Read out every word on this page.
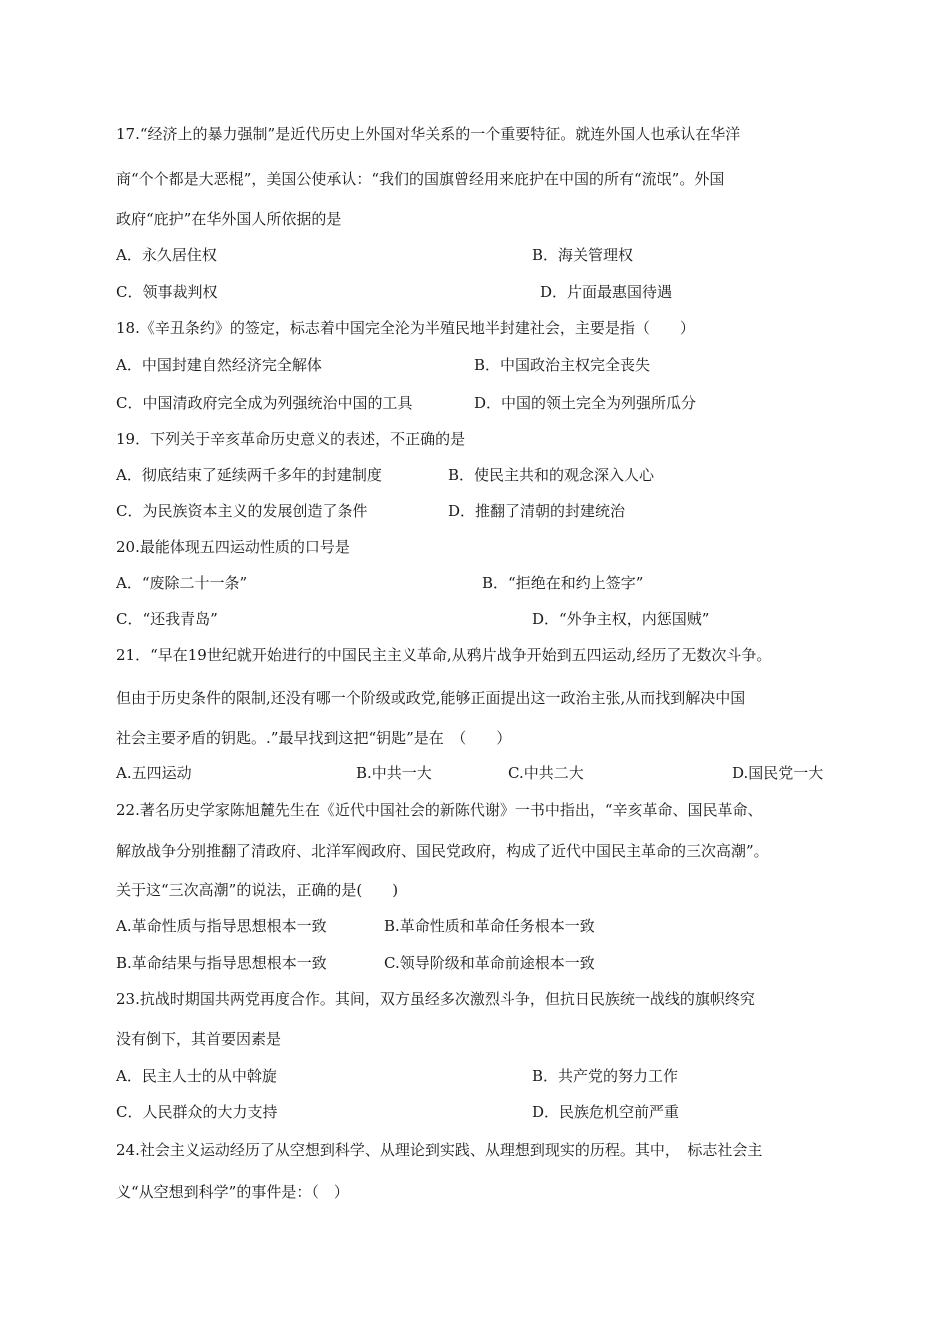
17.“经济上的暴力强制”是近代历史上外国对华关系的一个重要特征。就连外国人也承认在华洋
商“个个都是大恶棍”，美国公使承认：“我们的国旗曾经用来庇护在中国的所有“流氓”。外国
政府“庇护”在华外国人所依据的是
A．永久居住权	B．海关管理权
C．领事裁判权	D．片面最惠国待遇
18.《辛丑条约》的签定，标志着中国完全沦为半殖民地半封建社会，主要是指（　　）
A．中国封建自然经济完全解体	B．中国政治主权完全丧失
C．中国清政府完全成为列强统治中国的工具	D．中国的领土完全为列强所瓜分
19．下列关于辛亥革命历史意义的表述，不正确的是
A．彻底结束了延续两千多年的封建制度	B．使民主共和的观念深入人心
C．为民族资本主义的发展创造了条件	D．推翻了清朝的封建统治
20.最能体现五四运动性质的口号是
A．“废除二十一条”	B．“拒绝在和约上签字”
C．“还我青岛”	D．“外争主权，内惩国贼”
21．“早在19世纪就开始进行的中国民主主义革命,从鸦片战争开始到五四运动,经历了无数次斗争。
但由于历史条件的限制,还没有哪一个阶级或政党,能够正面提出这一政治主张,从而找到解决中国
社会主要矛盾的钥匙。.”最早找到这把“钥匙”是在　（　　）
A.五四运动	B.中共一大	C.中共二大	D.国民党一大
22.著名历史学家陈旭麓先生在《近代中国社会的新陈代谢》一书中指出，“辛亥革命、国民革命、
解放战争分别推翻了清政府、北洋军阀政府、国民党政府，构成了近代中国民主革命的三次高潮”。
关于这“三次高潮”的说法，正确的是(　　)
A.革命性质与指导思想根本一致	B.革命性质和革命任务根本一致
B.革命结果与指导思想根本一致	C.领导阶级和革命前途根本一致
23.抗战时期国共两党再度合作。其间，双方虽经多次激烈斗争，但抗日民族统一战线的旗帜终究
没有倒下，其首要因素是
A．民主人士的从中斡旋	B．共产党的努力工作
C．人民群众的大力支持	D．民族危机空前严重
24.社会主义运动经历了从空想到科学、从理论到实践、从理想到现实的历程。其中，　标志社会主
义“从空想到科学”的事件是：（　）
